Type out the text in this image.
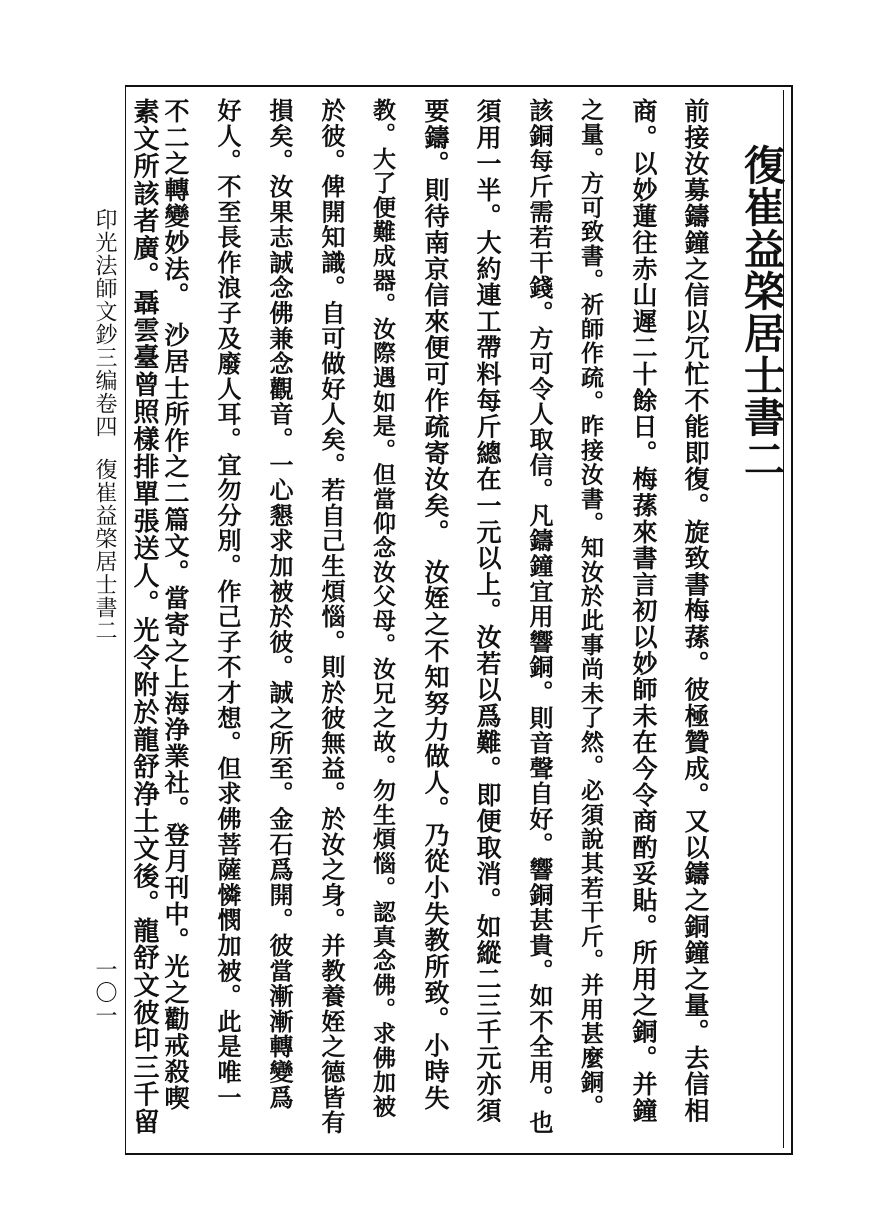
印光法師文鈔三编卷四
復崔益棨居士書二
一〇一
復崔益棨居士書二
前接汝募鑄鐘之信以冗忙不能即復。旋致書梅蓀。彼極贊成。又以鑄之銅鐘之量。去信相
商。以妙蓮往赤山遲二十餘日。梅蓀來書言初以妙師未在今令商酌妥貼。所用之銅。并鐘
之量。方可致書。祈師作疏。昨接汝書。知汝於此事尚未了然。必須說其若干斤。并用甚麼銅。
該銅每斤需若干錢。方可令人取信。凡鑄鐘宜用響銅。則音聲自好。響銅甚貴。如不全用。也
須用一半。大約連工帶料每斤總在一元以上。汝若以爲難。即便取消。如縱二三千元亦須
要鑄。則待南京信來便可作疏寄汝矣。　汝姪之不知努力做人。乃從小失教所致。小時失
教。大了便難成器。汝際遇如是。但當仰念汝父母。汝兄之故。勿生煩惱。認真念佛。求佛加被
於彼。俾開知識。自可做好人矣。若自己生煩惱。則於彼無益。於汝之身。并教養姪之德皆有
損矣。汝果志誠念佛兼念觀音。一心懇求加被於彼。誠之所至。金石爲開。彼當漸漸轉變爲
好人。不至長作浪子及廢人耳。宜勿分別。作己子不才想。但求佛菩薩憐憫加被。此是唯一
不二之轉變妙法。　沙居士所作之二篇文。當寄之上海浄業社。登月刊中。光之勸戒殺喫
素文所該者廣。聶雲臺曾照樣排單張送人。光令附於龍舒浄土文後。龍舒文彼印三千留
